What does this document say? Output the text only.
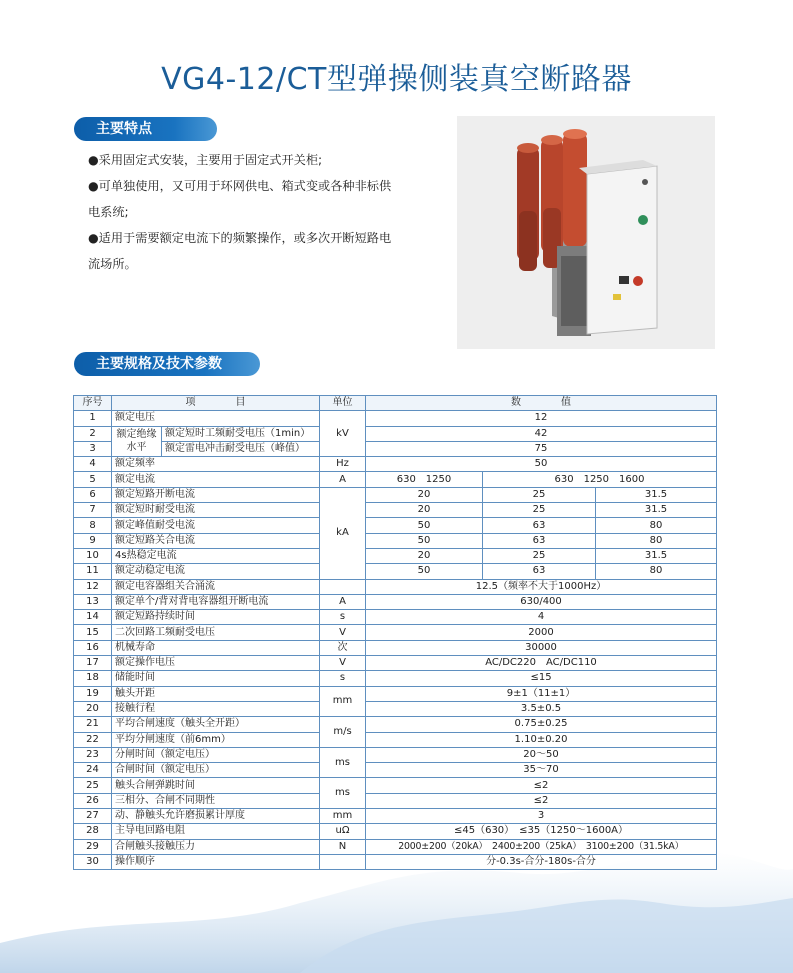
VG4-12/CT型弹操侧装真空断路器
主要特点

●采用固定式安装，主要用于固定式开关柜;

●可单独使用，又可用于环网供电、箱式变或各种非标供

电系统;

●适用于需要额定电流下的频繁操作，或多次开断短路电

流场所。

主要规格及技术参数
序号	项　　　　目		单位	数　　　　值		
1	额定电压		kV	12		
2	额定绝缘水平	额定短时工频耐受电压（1min）		42		
3		额定雷电冲击耐受电压（峰值）		75		
4	额定频率		Hz	50		
5	额定电流		A	630　1250	630　1250　1600	
6	额定短路开断电流		kA	20	25	31.5
7	额定短时耐受电流			20	25	31.5
8	额定峰值耐受电流			50	63	80
9	额定短路关合电流			50	63	80
10	4s热稳定电流			20	25	31.5
11	额定动稳定电流			50	63	80
12	额定电容器组关合涌流			12.5（频率不大于1000Hz）		
13	额定单个/背对背电容器组开断电流		A	630/400		
14	额定短路持续时间		s	4		
15	二次回路工频耐受电压		V	2000		
16	机械寿命		次	30000		
17	额定操作电压		V	AC/DC220　AC/DC110		
18	储能时间		s	≤15		
19	触头开距		mm	9±1（11±1）		
20	接触行程			3.5±0.5		
21	平均合闸速度（触头全开距）		m/s	0.75±0.25		
22	平均分闸速度（前6mm）			1.10±0.20		
23	分闸时间（额定电压）		ms	20～50		
24	合闸时间（额定电压）			35～70		
25	触头合闸弹跳时间		ms	≤2		
26	三相分、合闸不同期性			≤2		
27	动、静触头允许磨损累计厚度		mm	3		
28	主导电回路电阻		uΩ	≤45（630）　≤35（1250～1600A）		
29	合闸触头接触压力		N	2000±200（20kA）　2400±200（25kA）　3100±200（31.5kA）		
30	操作顺序			分-0.3s-合分-180s-合分		
